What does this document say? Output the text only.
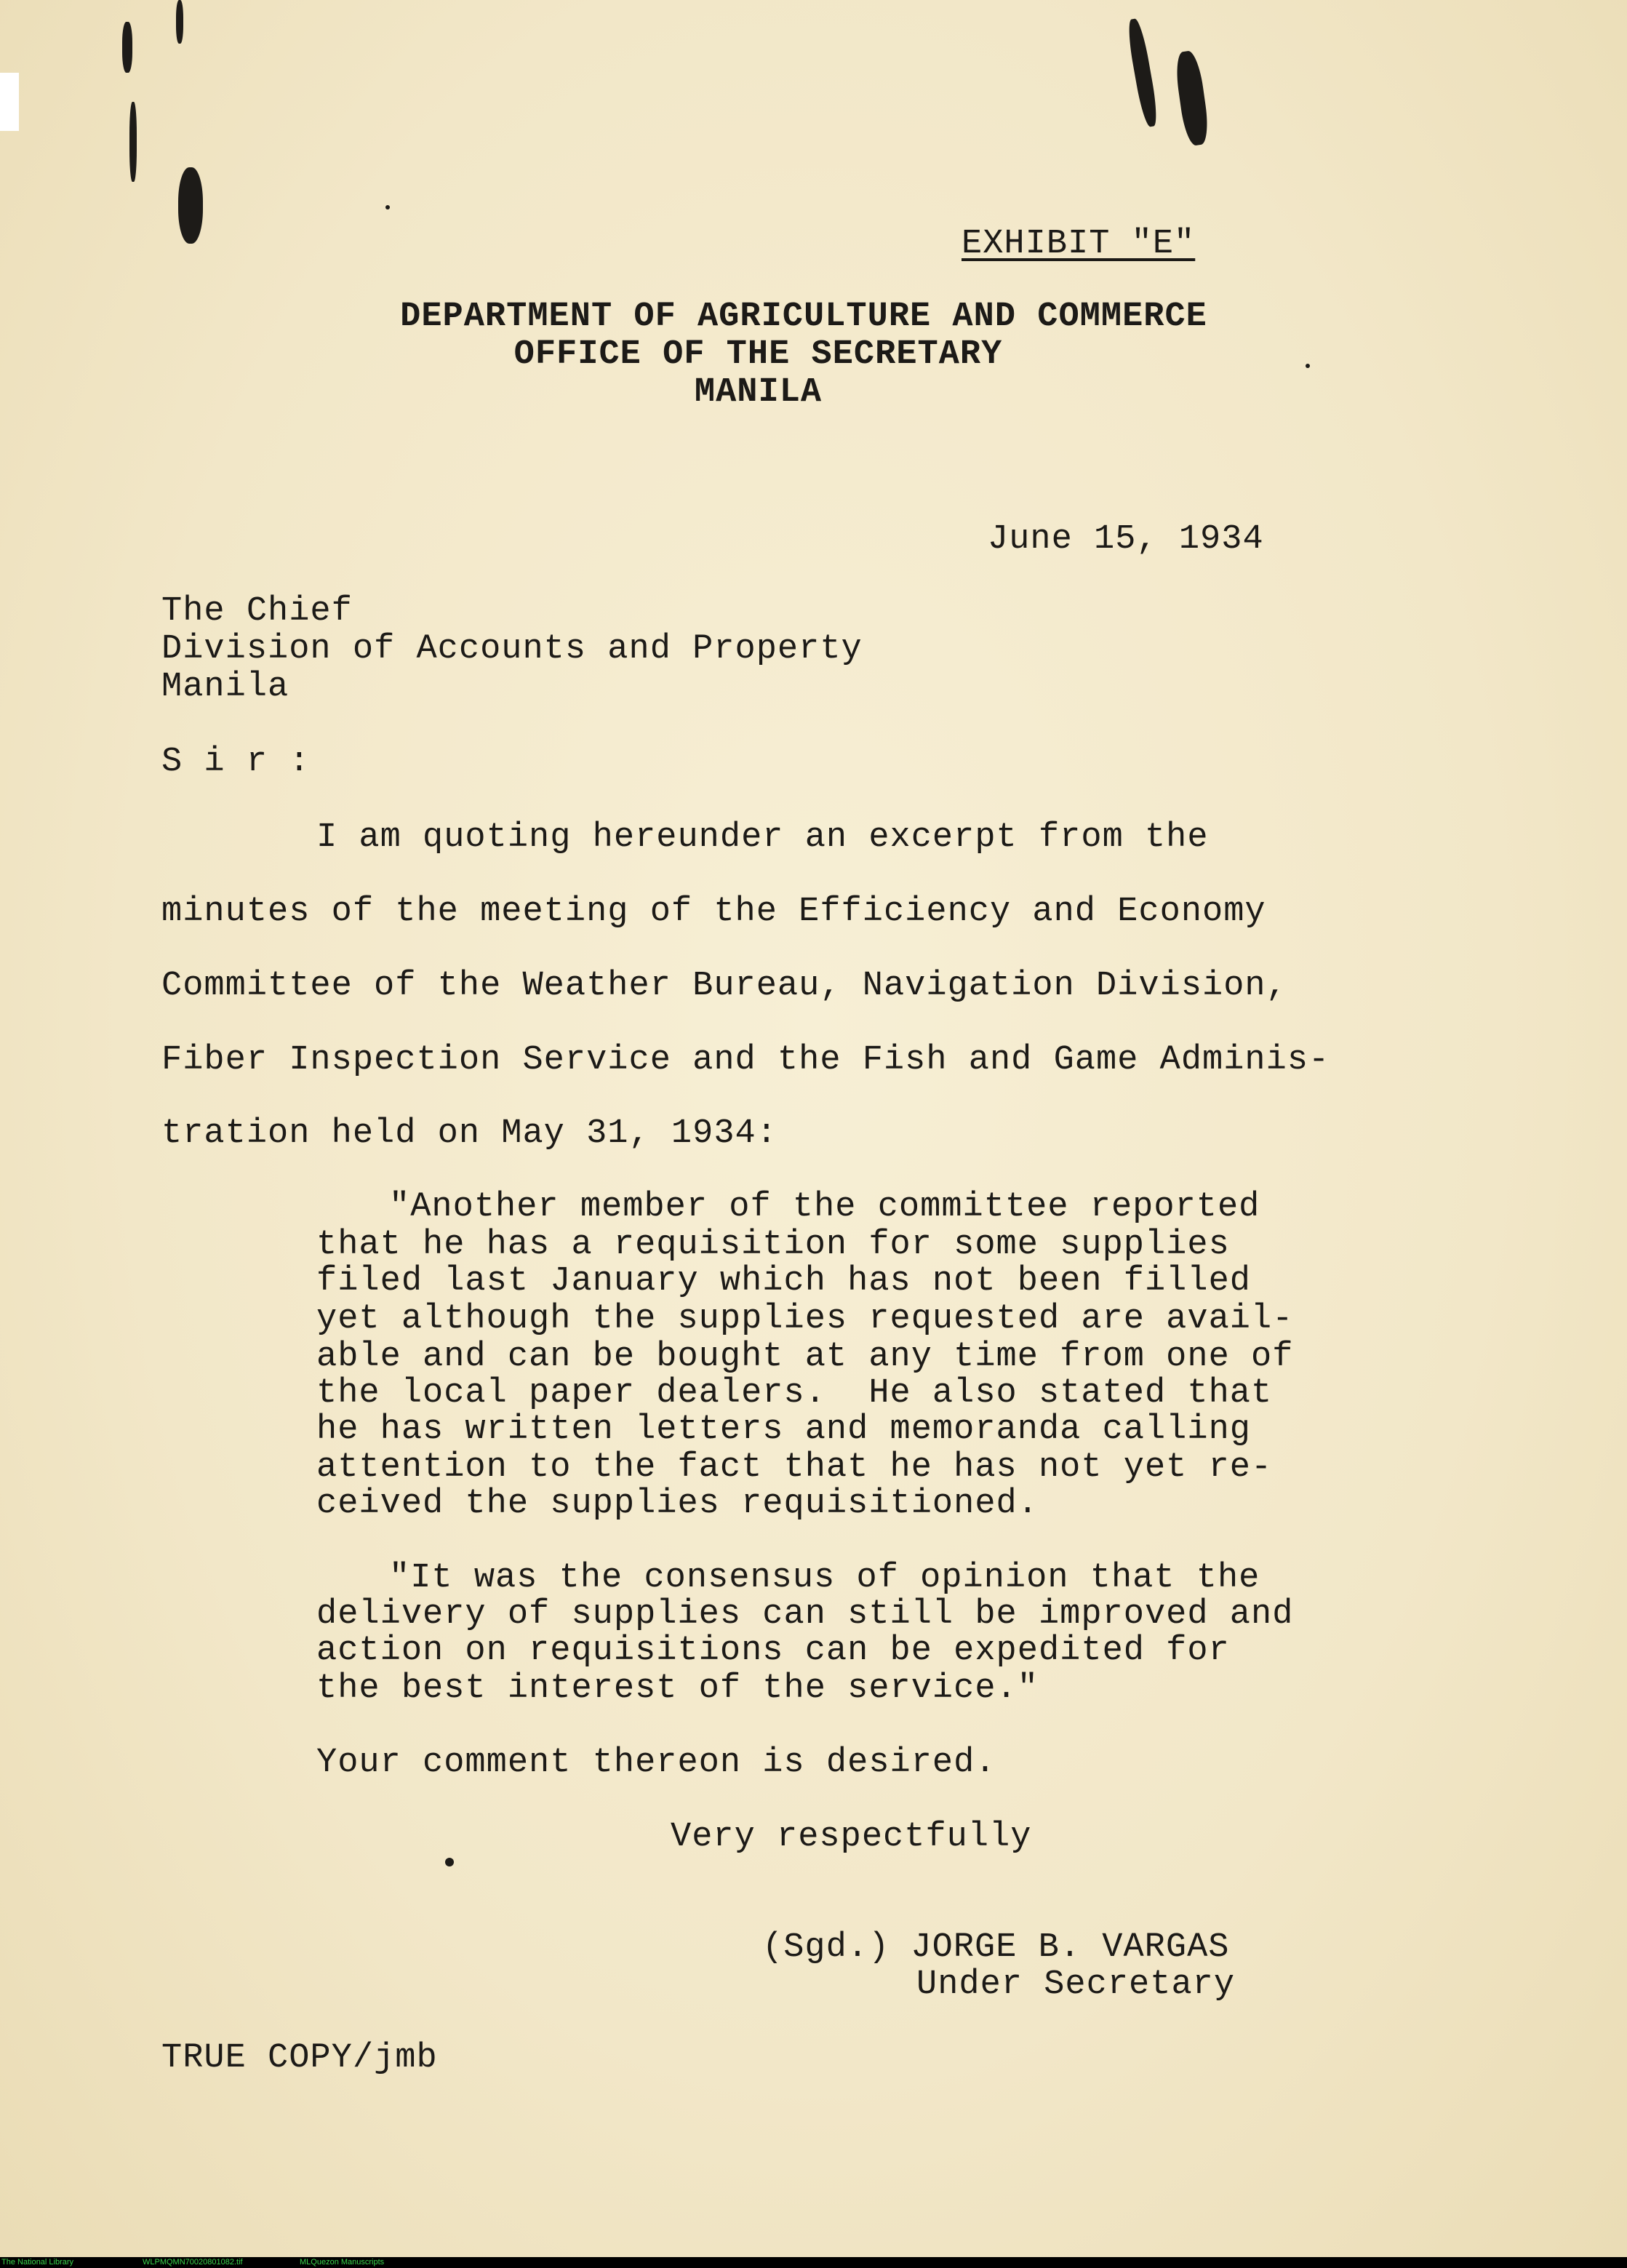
EXHIBIT "E"
DEPARTMENT OF AGRICULTURE AND COMMERCE
OFFICE OF THE SECRETARY
MANILA
June 15, 1934
The Chief
Division of Accounts and Property
Manila
S i r :
I am quoting hereunder an excerpt from the
minutes of the meeting of the Efficiency and Economy
Committee of the Weather Bureau, Navigation Division,
Fiber Inspection Service and the Fish and Game Adminis-
tration held on May 31, 1934:
"Another member of the committee reported
that he has a requisition for some supplies
filed last January which has not been filled
yet although the supplies requested are avail-
able and can be bought at any time from one of
the local paper dealers.  He also stated that
he has written letters and memoranda calling
attention to the fact that he has not yet re-
ceived the supplies requisitioned.
"It was the consensus of opinion that the
delivery of supplies can still be improved and
action on requisitions can be expedited for
the best interest of the service."
Your comment thereon is desired.
Very respectfully
(Sgd.) JORGE B. VARGAS
Under Secretary
TRUE COPY/jmb

The National Library

	WLPMQMN70020801082.tif

	MLQuezon Manuscripts
